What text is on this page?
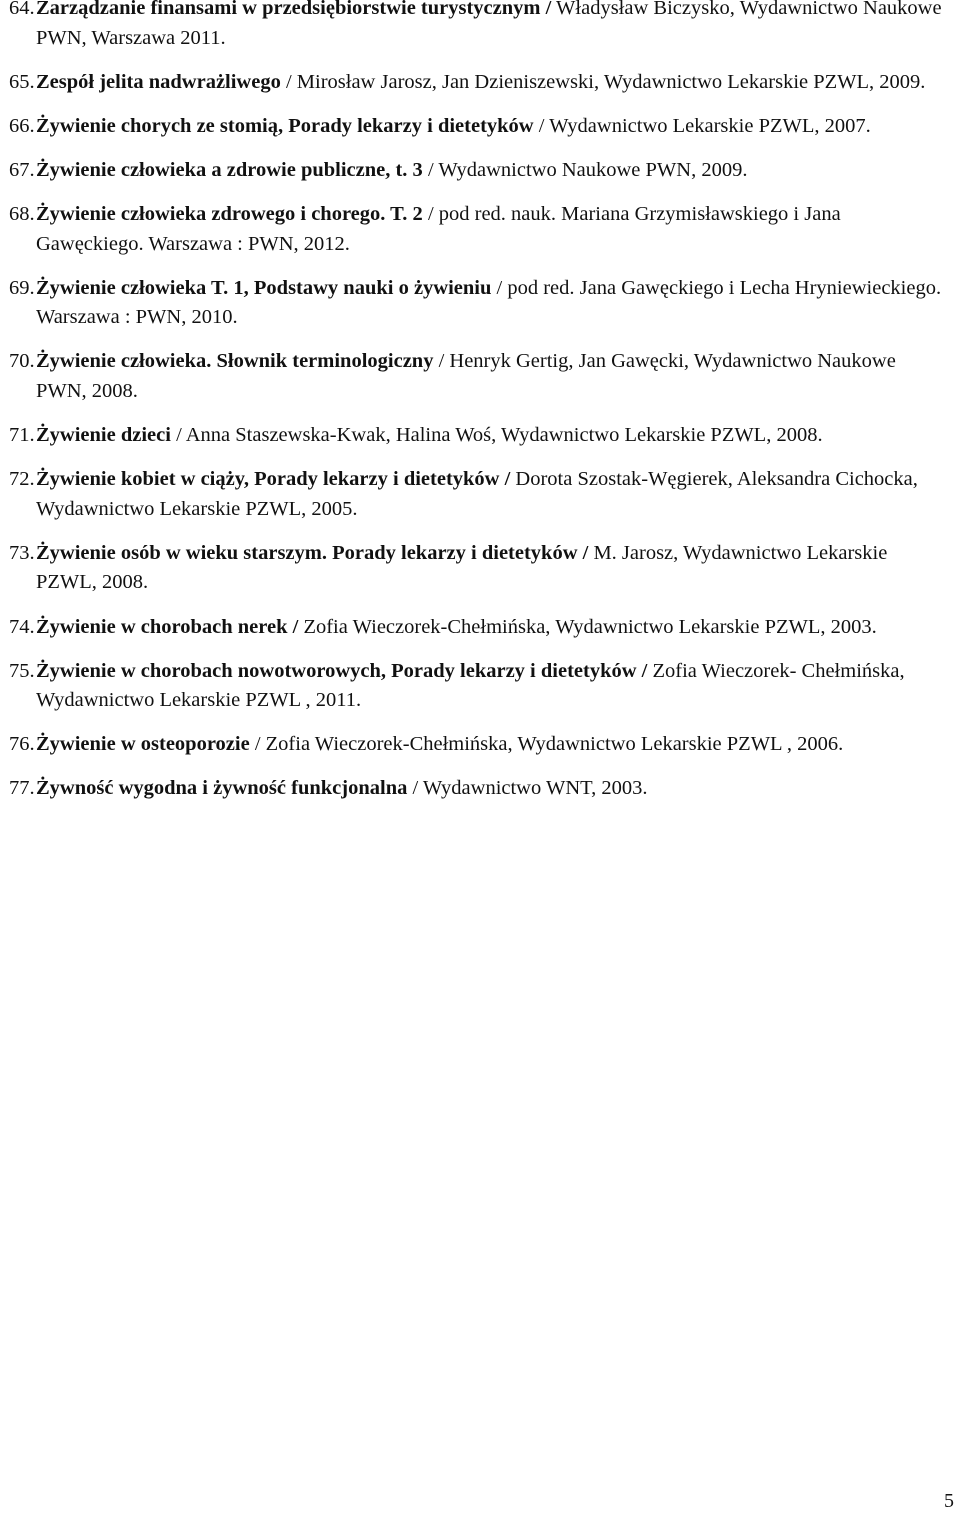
64. Zarządzanie finansami w przedsiębiorstwie turystycznym / Władysław Biczysko, Wydawnictwo Naukowe PWN, Warszawa 2011.
65. Zespół jelita nadwrażliwego / Mirosław Jarosz, Jan Dzieniszewski, Wydawnictwo Lekarskie PZWL, 2009.
66. Żywienie chorych ze stomią, Porady lekarzy i dietetyków / Wydawnictwo Lekarskie PZWL, 2007.
67. Żywienie człowieka a zdrowie publiczne, t. 3 / Wydawnictwo Naukowe PWN, 2009.
68. Żywienie człowieka zdrowego i chorego. T. 2 / pod red. nauk. Mariana Grzymisławskiego i Jana Gawęckiego. Warszawa : PWN, 2012.
69. Żywienie człowieka T. 1, Podstawy nauki o żywieniu / pod red. Jana Gawęckiego i Lecha Hryniewieckiego. Warszawa : PWN, 2010.
70. Żywienie człowieka. Słownik terminologiczny / Henryk Gertig, Jan Gawęcki, Wydawnictwo Naukowe PWN, 2008.
71. Żywienie dzieci / Anna Staszewska-Kwak, Halina Woś, Wydawnictwo Lekarskie PZWL, 2008.
72. Żywienie kobiet w ciąży, Porady lekarzy i dietetyków / Dorota Szostak-Węgierek, Aleksandra Cichocka, Wydawnictwo Lekarskie PZWL, 2005.
73. Żywienie osób w wieku starszym. Porady lekarzy i dietetyków / M. Jarosz, Wydawnictwo Lekarskie PZWL, 2008.
74. Żywienie w chorobach nerek / Zofia Wieczorek-Chełmińska, Wydawnictwo Lekarskie PZWL, 2003.
75. Żywienie w chorobach nowotworowych, Porady lekarzy i dietetyków / Zofia Wieczorek- Chełmińska, Wydawnictwo Lekarskie PZWL , 2011.
76. Żywienie w osteoporozie / Zofia Wieczorek-Chełmińska, Wydawnictwo Lekarskie PZWL , 2006.
77. Żywność wygodna i żywność funkcjonalna / Wydawnictwo WNT, 2003.
5
